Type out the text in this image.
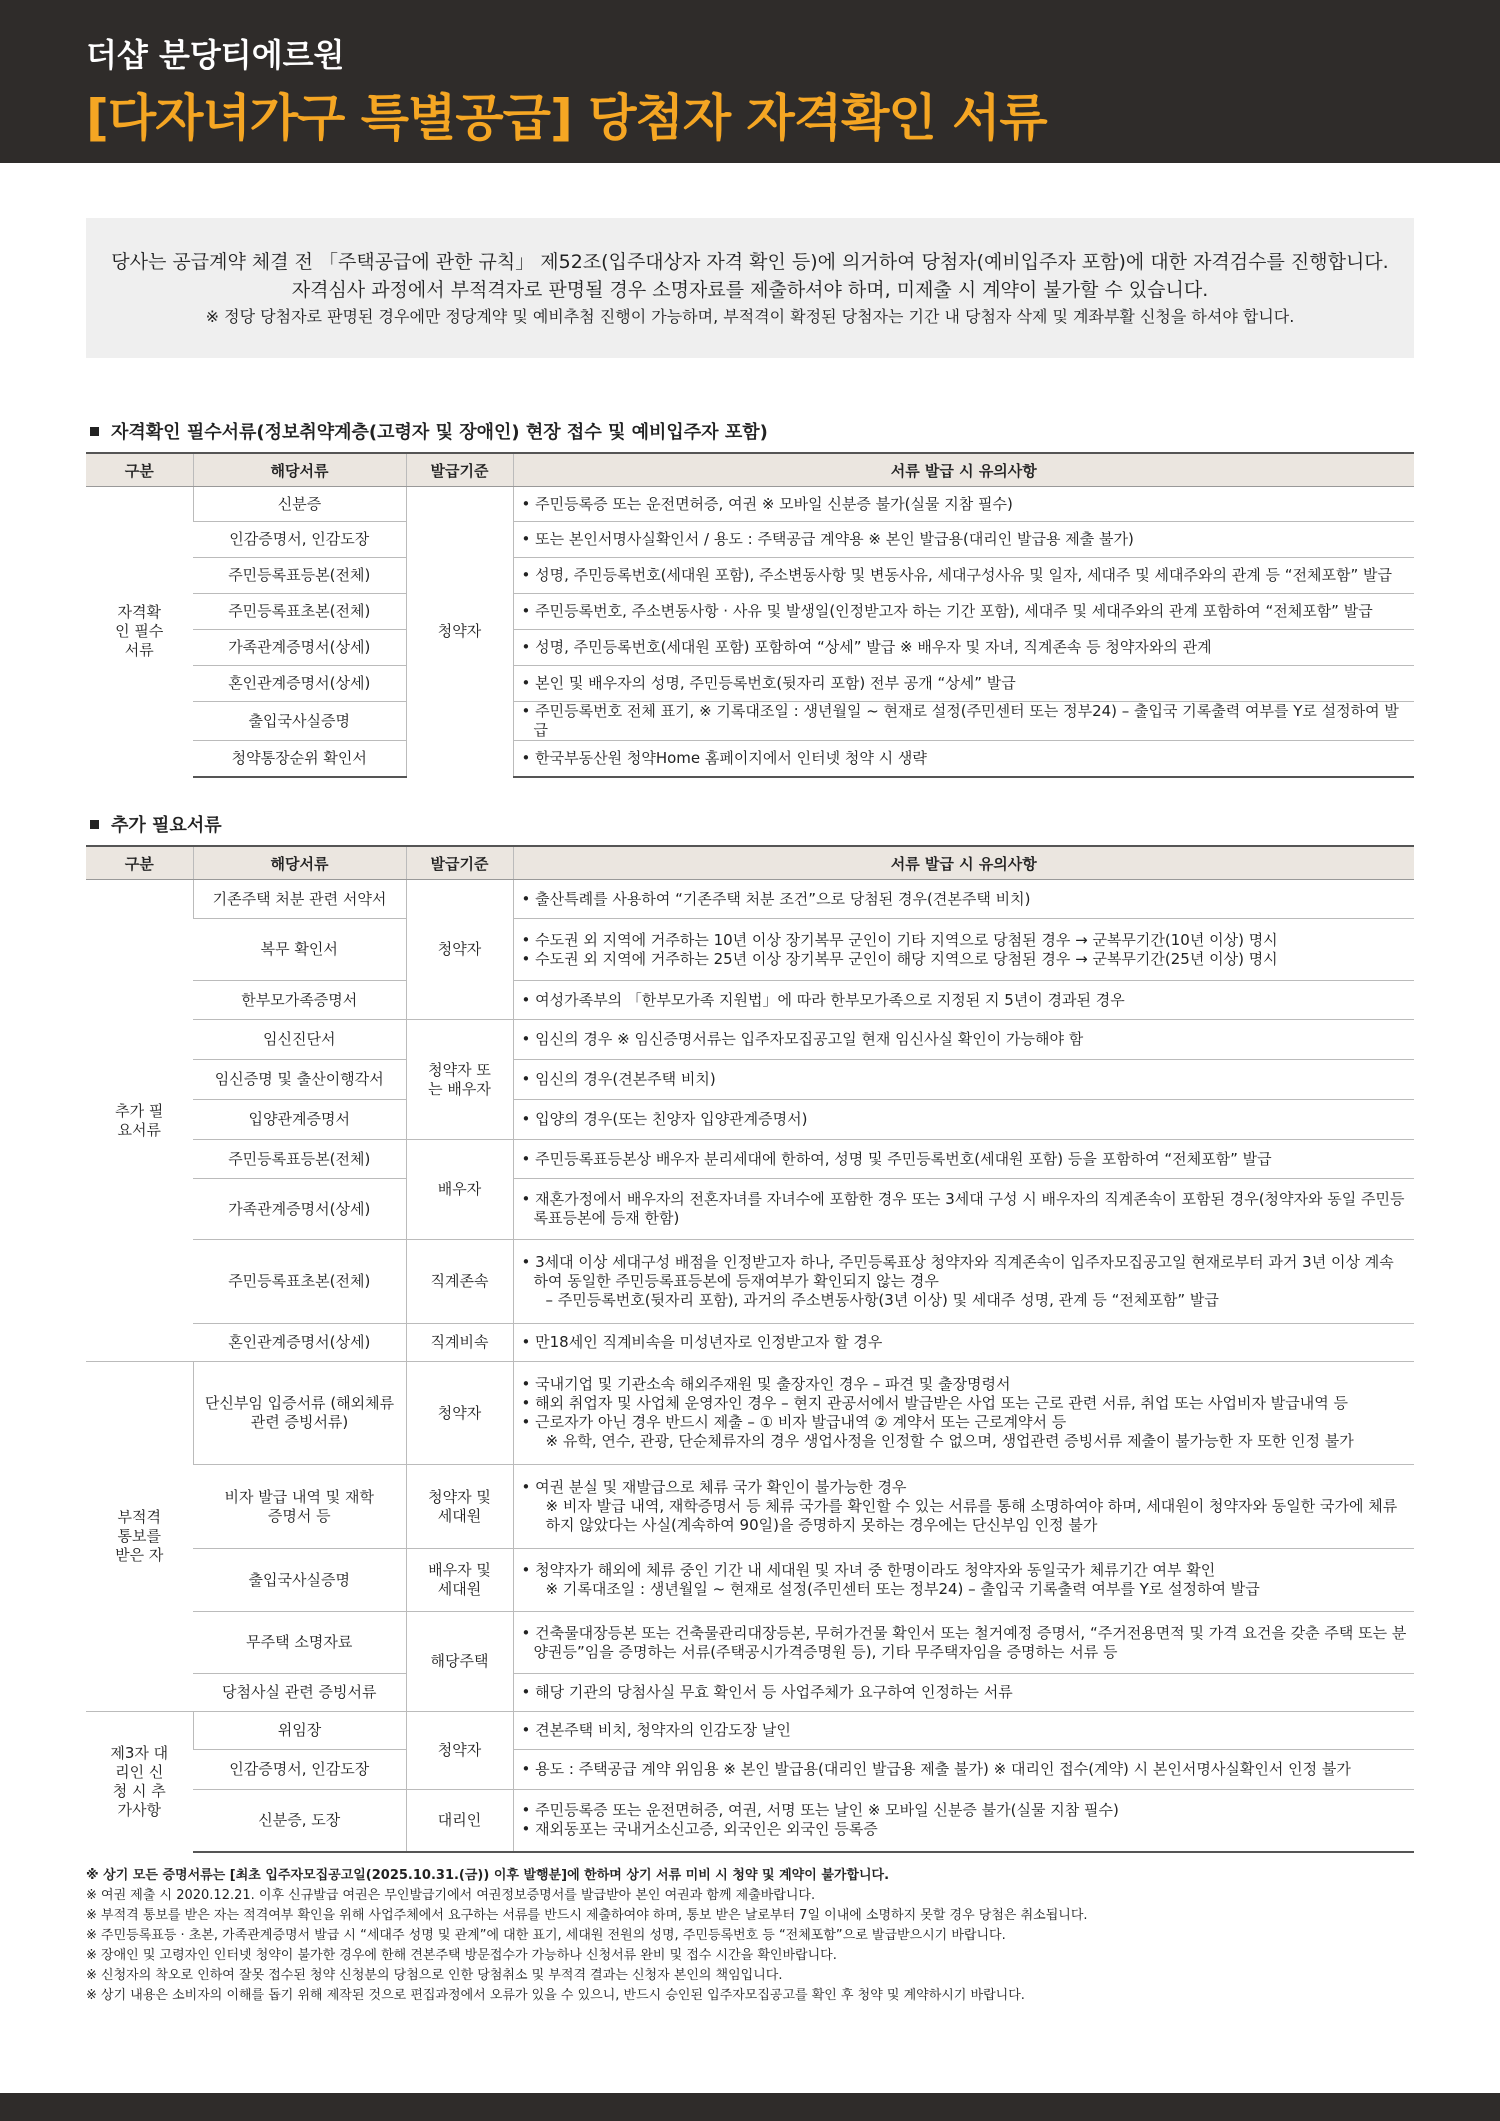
더샵 분당티에르원
[다자녀가구 특별공급] 당첨자 자격확인 서류
당사는 공급계약 체결 전 「주택공급에 관한 규칙」 제52조(입주대상자 자격 확인 등)에 의거하여 당첨자(예비입주자 포함)에 대한 자격검수를 진행합니다.
자격심사 과정에서 부적격자로 판명될 경우 소명자료를 제출하셔야 하며, 미제출 시 계약이 불가할 수 있습니다.
※ 정당 당첨자로 판명된 경우에만 정당계약 및 예비추첨 진행이 가능하며, 부적격이 확정된 당첨자는 기간 내 당첨자 삭제 및 계좌부활 신청을 하셔야 합니다.
자격확인 필수서류(정보취약계층(고령자 및 장애인) 현장 접수 및 예비입주자 포함)
구분	해당서류	발급기준	서류 발급 시 유의사항

자격확인 필수서류	신분증	청약자	• 주민등록증 또는 운전면허증, 여권 ※ 모바일 신분증 불가(실물 지참 필수)

	인감증명서, 인감도장		• 또는 본인서명사실확인서 / 용도 : 주택공급 계약용 ※ 본인 발급용(대리인 발급용 제출 불가)

	주민등록표등본(전체)		• 성명, 주민등록번호(세대원 포함), 주소변동사항 및 변동사유, 세대구성사유 및 일자, 세대주 및 세대주와의 관계 등 “전체포함” 발급

	주민등록표초본(전체)		• 주민등록번호, 주소변동사항 · 사유 및 발생일(인정받고자 하는 기간 포함), 세대주 및 세대주와의 관계 포함하여 “전체포함” 발급

	가족관계증명서(상세)		• 성명, 주민등록번호(세대원 포함) 포함하여 “상세” 발급 ※ 배우자 및 자녀, 직계존속 등 청약자와의 관계

	혼인관계증명서(상세)		• 본인 및 배우자의 성명, 주민등록번호(뒷자리 포함) 전부 공개 “상세” 발급

	출입국사실증명		• 주민등록번호 전체 표기, ※ 기록대조일 : 생년월일 ~ 현재로 설정(주민센터 또는 정부24) – 출입국 기록출력 여부를 Y로 설정하여 발급

	청약통장순위 확인서		• 한국부동산원 청약Home 홈페이지에서 인터넷 청약 시 생략
추가 필요서류
구분	해당서류	발급기준	서류 발급 시 유의사항

추가 필요서류	기존주택 처분 관련 서약서	청약자	• 출산특례를 사용하여 “기존주택 처분 조건”으로 당첨된 경우(견본주택 비치)

	복무 확인서		• 수도권 외 지역에 거주하는 10년 이상 장기복무 군인이 기타 지역으로 당첨된 경우 → 군복무기간(10년 이상) 명시
• 수도권 외 지역에 거주하는 25년 이상 장기복무 군인이 해당 지역으로 당첨된 경우 → 군복무기간(25년 이상) 명시

	한부모가족증명서		• 여성가족부의 「한부모가족 지원법」에 따라 한부모가족으로 지정된 지 5년이 경과된 경우

	임신진단서	청약자 또는 배우자	• 임신의 경우 ※ 임신증명서류는 입주자모집공고일 현재 임신사실 확인이 가능해야 함

	임신증명 및 출산이행각서		• 임신의 경우(견본주택 비치)

	입양관계증명서		• 입양의 경우(또는 친양자 입양관계증명서)

	주민등록표등본(전체)	배우자	• 주민등록표등본상 배우자 분리세대에 한하여, 성명 및 주민등록번호(세대원 포함) 등을 포함하여 “전체포함” 발급

	가족관계증명서(상세)		• 재혼가정에서 배우자의 전혼자녀를 자녀수에 포함한 경우 또는 3세대 구성 시 배우자의 직계존속이 포함된 경우(청약자와 동일 주민등록표등본에 등재 한함)

	주민등록표초본(전체)	직계존속	• 3세대 이상 세대구성 배점을 인정받고자 하나, 주민등록표상 청약자와 직계존속이 입주자모집공고일 현재로부터 과거 3년 이상 계속하여 동일한 주민등록표등본에 등재여부가 확인되지 않는 경우
– 주민등록번호(뒷자리 포함), 과거의 주소변동사항(3년 이상) 및 세대주 성명, 관계 등 “전체포함” 발급

	혼인관계증명서(상세)	직계비속	• 만18세인 직계비속을 미성년자로 인정받고자 할 경우

부적격 통보를 받은 자	단신부임 입증서류 (해외체류 관련 증빙서류)	청약자	• 국내기업 및 기관소속 해외주재원 및 출장자인 경우 – 파견 및 출장명령서
• 해외 취업자 및 사업체 운영자인 경우 – 현지 관공서에서 발급받은 사업 또는 근로 관련 서류, 취업 또는 사업비자 발급내역 등
• 근로자가 아닌 경우 반드시 제출 – ① 비자 발급내역 ② 계약서 또는 근로계약서 등
※ 유학, 연수, 관광, 단순체류자의 경우 생업사정을 인정할 수 없으며, 생업관련 증빙서류 제출이 불가능한 자 또한 인정 불가

	비자 발급 내역 및 재학증명서 등	청약자 및 세대원	• 여권 분실 및 재발급으로 체류 국가 확인이 불가능한 경우
※ 비자 발급 내역, 재학증명서 등 체류 국가를 확인할 수 있는 서류를 통해 소명하여야 하며, 세대원이 청약자와 동일한 국가에 체류하지 않았다는 사실(계속하여 90일)을 증명하지 못하는 경우에는 단신부임 인정 불가

	출입국사실증명	배우자 및 세대원	• 청약자가 해외에 체류 중인 기간 내 세대원 및 자녀 중 한명이라도 청약자와 동일국가 체류기간 여부 확인
※ 기록대조일 : 생년월일 ~ 현재로 설정(주민센터 또는 정부24) – 출입국 기록출력 여부를 Y로 설정하여 발급

	무주택 소명자료	해당주택	• 건축물대장등본 또는 건축물관리대장등본, 무허가건물 확인서 또는 철거예정 증명서, “주거전용면적 및 가격 요건을 갖춘 주택 또는 분양권등”임을 증명하는 서류(주택공시가격증명원 등), 기타 무주택자임을 증명하는 서류 등

	당첨사실 관련 증빙서류		• 해당 기관의 당첨사실 무효 확인서 등 사업주체가 요구하여 인정하는 서류

제3자 대리인 신청 시 추가사항	위임장	청약자	• 견본주택 비치, 청약자의 인감도장 날인

	인감증명서, 인감도장		• 용도 : 주택공급 계약 위임용 ※ 본인 발급용(대리인 발급용 제출 불가) ※ 대리인 접수(계약) 시 본인서명사실확인서 인정 불가

	신분증, 도장	대리인	• 주민등록증 또는 운전면허증, 여권, 서명 또는 날인 ※ 모바일 신분증 불가(실물 지참 필수)
• 재외동포는 국내거소신고증, 외국인은 외국인 등록증
※ 상기 모든 증명서류는 [최초 입주자모집공고일(2025.10.31.(금)) 이후 발행분]에 한하며 상기 서류 미비 시 청약 및 계약이 불가합니다.
※ 여권 제출 시 2020.12.21. 이후 신규발급 여권은 무인발급기에서 여권정보증명서를 발급받아 본인 여권과 함께 제출바랍니다.
※ 부적격 통보를 받은 자는 적격여부 확인을 위해 사업주체에서 요구하는 서류를 반드시 제출하여야 하며, 통보 받은 날로부터 7일 이내에 소명하지 못할 경우 당첨은 취소됩니다.
※ 주민등록표등 · 초본, 가족관계증명서 발급 시 “세대주 성명 및 관계”에 대한 표기, 세대원 전원의 성명, 주민등록번호 등 “전체포함”으로 발급받으시기 바랍니다.
※ 장애인 및 고령자인 인터넷 청약이 불가한 경우에 한해 견본주택 방문접수가 가능하나 신청서류 완비 및 접수 시간을 확인바랍니다.
※ 신청자의 착오로 인하여 잘못 접수된 청약 신청분의 당첨으로 인한 당첨취소 및 부적격 결과는 신청자 본인의 책임입니다.
※ 상기 내용은 소비자의 이해를 돕기 위해 제작된 것으로 편집과정에서 오류가 있을 수 있으니, 반드시 승인된 입주자모집공고를 확인 후 청약 및 계약하시기 바랍니다.
